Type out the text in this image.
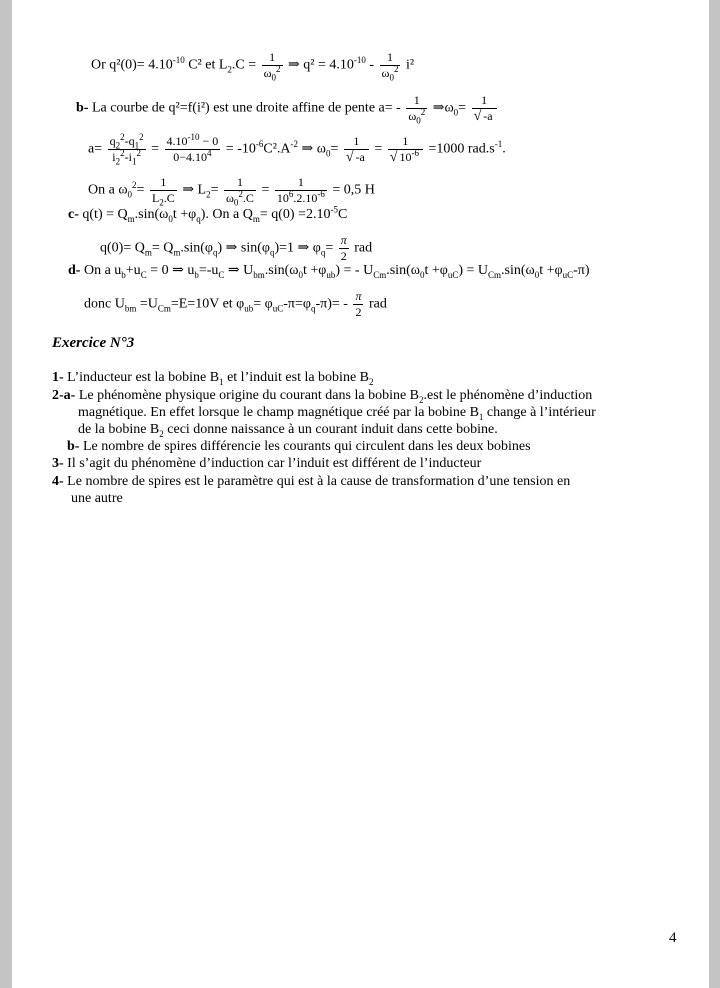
Or $q^2(0)= 4.10^{-10}$ C² et $L_2.C = \frac{1}{\omega_0^2}$ ⇒ $q^2 = 4.10^{-10} - \frac{1}{\omega_0^2} i^2$
b- La courbe de q²=f(i²) est une droite affine de pente $a= - \frac{1}{\omega_0^2}$ $\Rightarrow\omega_0= \frac{1}{√ -a}$
$a= \frac{q_2^2-q_1^2}{i_2^2-i_1^2} = \frac{4.10^{-10} - 0}{0-4.10^4} = -10^{-6}C^2.A^{-2}$ ⇒ $\omega_0= \frac{1}{√ -a} = \frac{1}{√ 10^{-6}} =1000$ $rad.s^{-1}$.
On a $\omega_0^2= \frac{1}{L_2.C}$ ⇒ $L_2= \frac{1}{\omega_0^2.C} = \frac{1}{10^6.2.10^{-6}} = 0,5$ H
c- $q(t) = Q_m.\sin(\omega_0t +\varphi_q)$. On a $Q_m= q(0) =2.10^{-5}C$
$q(0)= Q_m= Q_m.\sin(\varphi_q)$ ⇒ $\sin(\varphi_q)=1$ ⇒ $\varphi_q= \frac{\pi}{2}$ rad
d- On a $u_b+u_C = 0$ ⇒ $u_b=-u_C$ ⇒ $U_{bm}.\sin(\omega_0t +\varphi_{ub})$ = - $U_{Cm}.\sin(\omega_0t +\varphi_{uC}) = U_{Cm}.\sin(\omega_0t +\varphi_{uC}-\pi)$
donc $U_{bm} =U_{Cm}=E=10V$ et $\varphi_{ub}= \varphi_{uC}-\pi=\varphi_q-\pi)= - \frac{\pi}{2}$ rad
Exercice N°3
1- L’inducteur est la bobine $B_1$ et l’induit est la bobine $B_2$
2-a- Le phénomène physique origine du courant dans la bobine $B_2.est$ le phénomène d’induction
magnétique. En effet lorsque le champ magnétique créé par la bobine $B_1$ change à l’intérieur
de la bobine $B_2$ ceci donne naissance à un courant induit dans cette bobine.
b- Le nombre de spires différencie les courants qui circulent dans les deux bobines
3- Il s’agit du phénomène d’induction car l’induit est différent de l’inducteur
4- Le nombre de spires est le paramètre qui est à la cause de transformation d’une tension en
une autre
4
